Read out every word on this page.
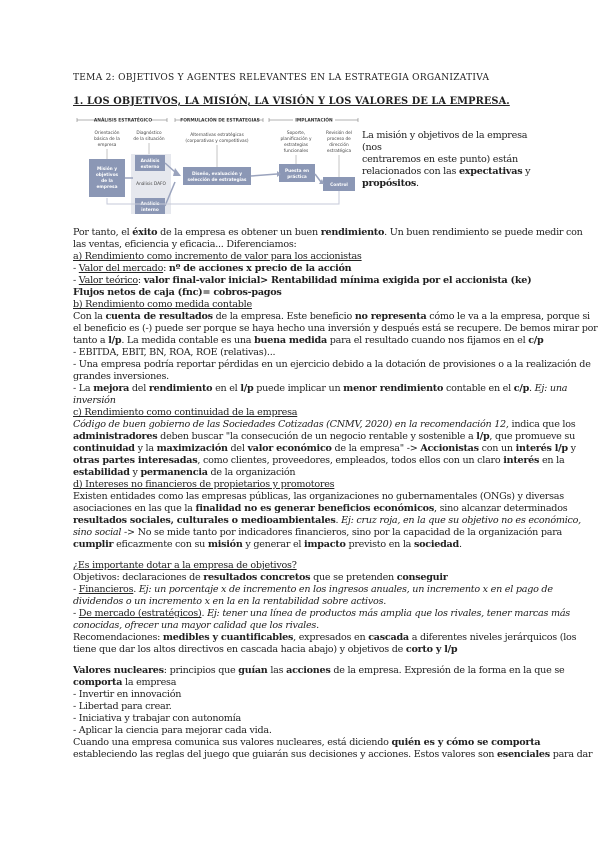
TEMA 2: OBJETIVOS Y AGENTES RELEVANTES EN LA ESTRATEGIA ORGANIZATIVA
1. LOS OBJETIVOS, LA MISIÓN, LA VISIÓN Y LOS VALORES DE LA EMPRESA.
ANÁLISIS ESTRATÉGICO	FORMULACIÓN DE ESTRATEGIAS	IMPLANTACIÓN
Orientación
básica de la
empresa
Diagnóstico
de la situación
Alternativas estratégicas
(corporativas y competitivas)
Soporte,
planificación y
estrategias
funcionales
Revisión del
proceso de
dirección
estratégica
Misión y
objetivos
de la
empresa
Análisis
externo
Análisis DAFO
Análisis
interno
Diseño, evaluación y
selección de estrategias
Puesta en
práctica
Control
La misión y objetivos de la empresa (nos
centraremos en este punto) están
relacionados con las expectativas y
propósitos.
Por tanto, el éxito de la empresa es obtener un buen rendimiento. Un buen rendimiento se puede medir con
las ventas, eficiencia y eficacia... Diferenciamos:
a) Rendimiento como incremento de valor para los accionistas
- Valor del mercado: nº de acciones x precio de la acción
- Valor teórico: valor final-valor inicial> Rentabilidad mínima exigida por el accionista (ke)
Flujos netos de caja (fnc)= cobros-pagos
b) Rendimiento como medida contable
Con la cuenta de resultados de la empresa. Este beneficio no representa cómo le va a la empresa, porque si
el beneficio es (-) puede ser porque se haya hecho una inversión y después está se recupere. De bemos mirar por
tanto a l/p. La medida contable es una buena medida para el resultado cuando nos fijamos en el c/p
- EBITDA, EBIT, BN, ROA, ROE (relativas)...
- Una empresa podría reportar pérdidas en un ejercicio debido a la dotación de provisiones o a la realización de
grandes inversiones.
- La mejora del rendimiento en el l/p puede implicar un menor rendimiento contable en el c/p. Ej: una
inversión
c) Rendimiento como continuidad de la empresa
Código de buen gobierno de las Sociedades Cotizadas (CNMV, 2020) en la recomendación 12, indica que los
administradores deben buscar "la consecución de un negocio rentable y sostenible a l/p, que promueve su
continuidad y la maximización del valor económico de la empresa" -> Accionistas con un interés l/p y
otras partes interesadas, como clientes, proveedores, empleados, todos ellos con un claro interés en la
estabilidad y permanencia de la organización
d) Intereses no financieros de propietarios y promotores
Existen entidades como las empresas públicas, las organizaciones no gubernamentales (ONGs) y diversas
asociaciones en las que la finalidad no es generar beneficios económicos, sino alcanzar determinados
resultados sociales, culturales o medioambientales. Ej: cruz roja, en la que su objetivo no es económico,
sino social -> No se mide tanto por indicadores financieros, sino por la capacidad de la organización para
cumplir eficazmente con su misión y generar el impacto previsto en la sociedad.
¿Es importante dotar a la empresa de objetivos?
Objetivos: declaraciones de resultados concretos que se pretenden conseguir
- Financieros. Ej: un porcentaje x de incremento en los ingresos anuales, un incremento x en el pago de
dividendos o un incremento x en la en la rentabilidad sobre activos.
- De mercado (estratégicos). Ej: tener una línea de productos más amplia que los rivales, tener marcas más
conocidas, ofrecer una mayor calidad que los rivales.
Recomendaciones: medibles y cuantificables, expresados en cascada a diferentes niveles jerárquicos (los
tiene que dar los altos directivos en cascada hacia abajo) y objetivos de corto y l/p
Valores nucleares: principios que guían las acciones de la empresa. Expresión de la forma en la que se
comporta la empresa
- Invertir en innovación
- Libertad para crear.
- Iniciativa y trabajar con autonomía
- Aplicar la ciencia para mejorar cada vida.
Cuando una empresa comunica sus valores nucleares, está diciendo quién es y cómo se comporta
estableciendo las reglas del juego que guiarán sus decisiones y acciones. Estos valores son esenciales para dar
